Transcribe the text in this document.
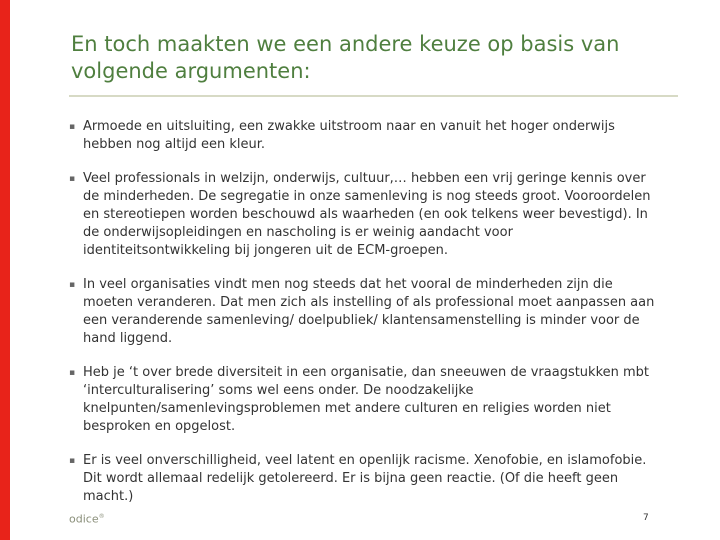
En toch maakten we een andere keuze op basis van volgende argumenten:
▪ Armoede en uitsluiting, een zwakke uitstroom naar en vanuit het hoger onderwijs hebben nog altijd een kleur.
▪ Veel professionals in welzijn, onderwijs, cultuur,… hebben een vrij geringe kennis over de minderheden. De segregatie in onze samenleving is nog steeds groot. Vooroordelen en stereotiepen worden beschouwd als waarheden (en ook telkens weer bevestigd). In de onderwijsopleidingen en nascholing is er weinig aandacht voor identiteitsontwikkeling bij jongeren uit de ECM-groepen.
▪ In veel organisaties vindt men nog steeds dat het vooral de minderheden zijn die moeten veranderen. Dat men zich als instelling of als professional moet aanpassen aan een veranderende samenleving/ doelpubliek/ klantensamenstelling is minder voor de hand liggend.
▪ Heb je ‘t over brede diversiteit in een organisatie, dan sneeuwen de vraagstukken mbt ‘interculturalisering’ soms wel eens onder. De noodzakelijke knelpunten/samenlevingsproblemen met andere culturen en religies worden niet besproken en opgelost.
▪ Er is veel onverschilligheid, veel latent en openlijk racisme. Xenofobie, en islamofobie. Dit wordt allemaal redelijk getolereerd. Er is bijna geen reactie. (Of die heeft geen macht.)
odice®	7
